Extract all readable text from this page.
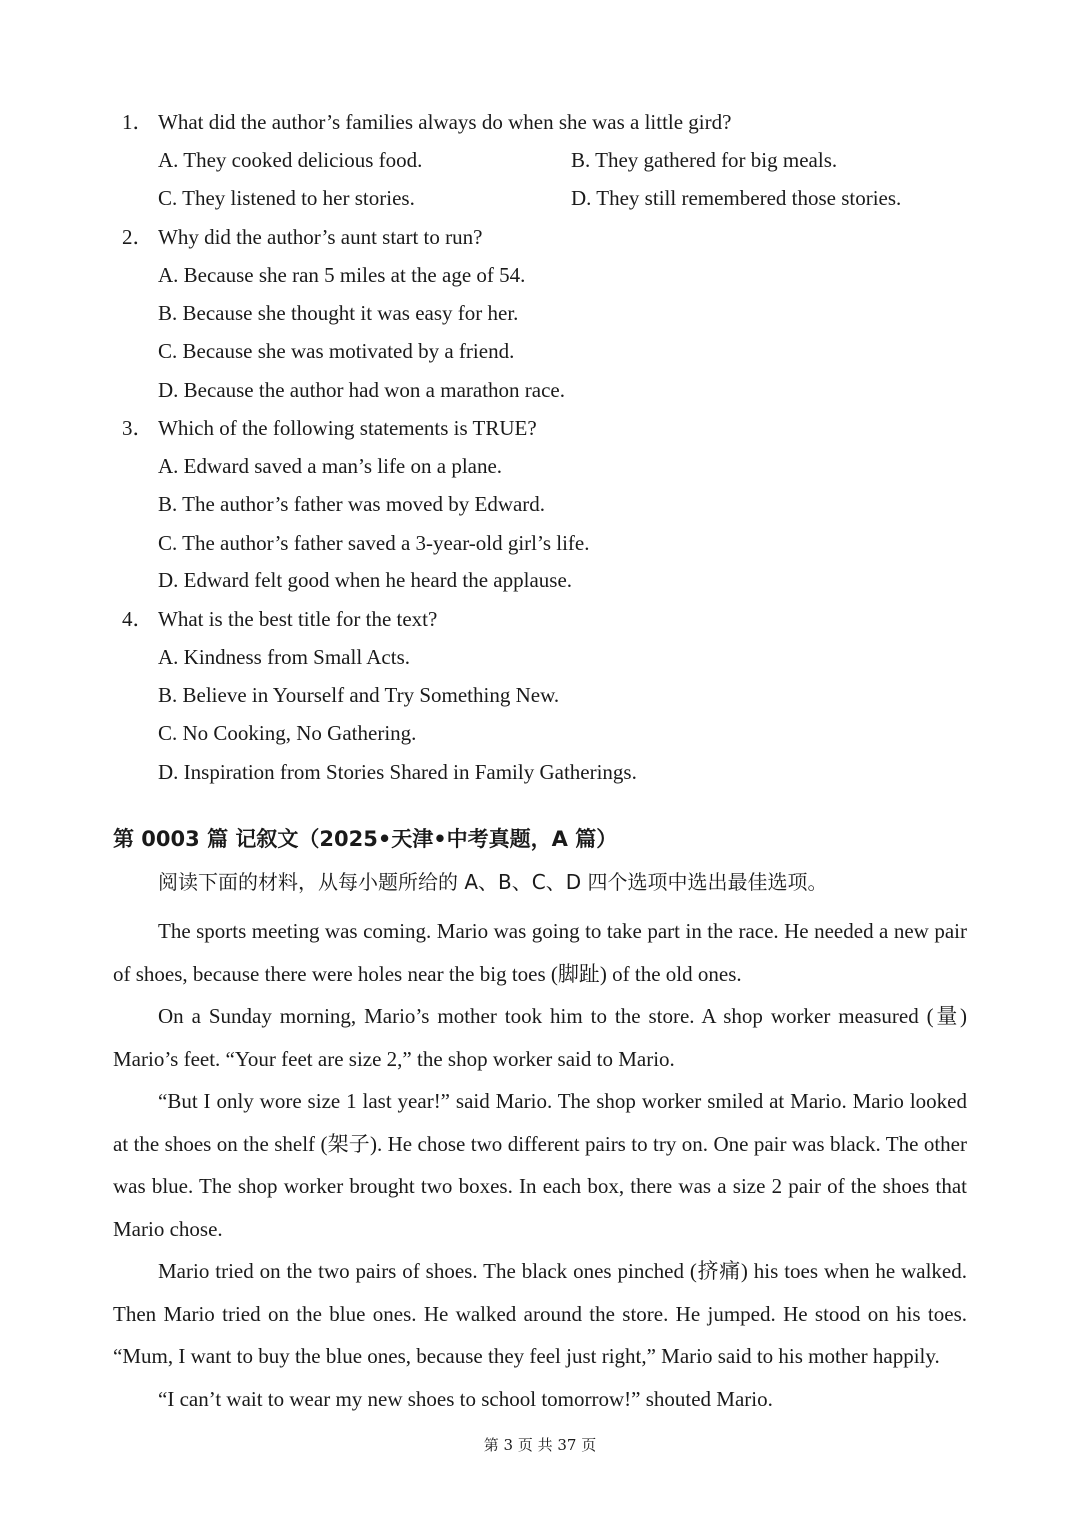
1． What did the author’s families always do when she was a little gird?
A. They cooked delicious food.	B. They gathered for big meals.
C. They listened to her stories.	D. They still remembered those stories.
2． Why did the author’s aunt start to run?
A. Because she ran 5 miles at the age of 54.
B. Because she thought it was easy for her.
C. Because she was motivated by a friend.
D. Because the author had won a marathon race.
3． Which of the following statements is TRUE?
A. Edward saved a man’s life on a plane.
B. The author’s father was moved by Edward.
C. The author’s father saved a 3-year-old girl’s life.
D. Edward felt good when he heard the applause.
4． What is the best title for the text?
A. Kindness from Small Acts.
B. Believe in Yourself and Try Something New.
C. No Cooking, No Gathering.
D. Inspiration from Stories Shared in Family Gatherings.
第 0003 篇 记叙文（2025•天津•中考真题，A 篇）
阅读下面的材料，从每小题所给的 A、B、C、D 四个选项中选出最佳选项。

The sports meeting was coming. Mario was going to take part in the race. He needed a new pair of shoes, because there were holes near the big toes (脚趾) of the old ones.

On a Sunday morning, Mario’s mother took him to the store. A shop worker measured (量) Mario’s feet. “Your feet are size 2,” the shop worker said to Mario.

“But I only wore size 1 last year!” said Mario. The shop worker smiled at Mario. Mario looked at the shoes on the shelf (架子). He chose two different pairs to try on. One pair was black. The other was blue. The shop worker brought two boxes. In each box, there was a size 2 pair of the shoes that Mario chose.

Mario tried on the two pairs of shoes. The black ones pinched (挤痛) his toes when he walked. Then Mario tried on the blue ones. He walked around the store. He jumped. He stood on his toes. “Mum, I want to buy the blue ones, because they feel just right,” Mario said to his mother happily.

“I can’t wait to wear my new shoes to school tomorrow!” shouted Mario.

第 3 页 共 37 页
